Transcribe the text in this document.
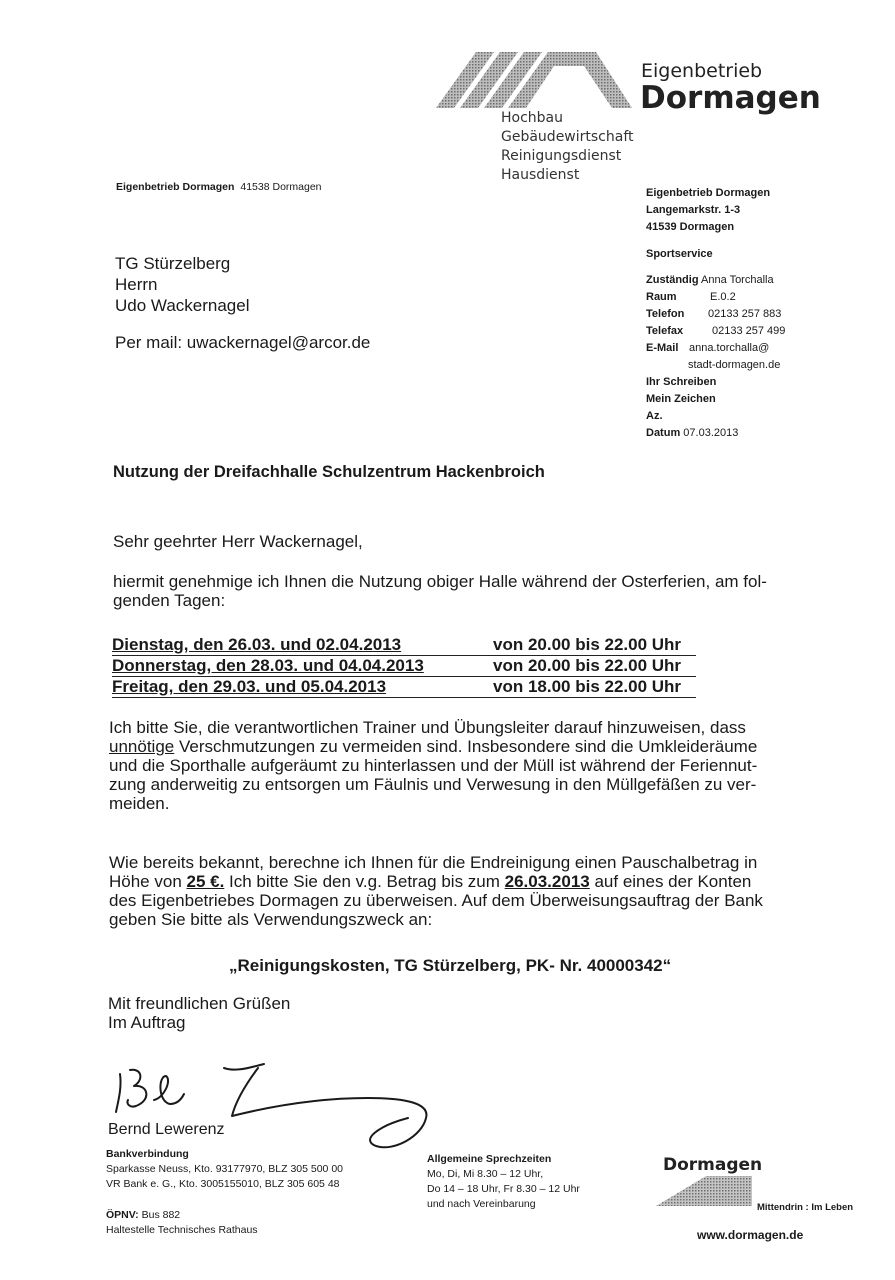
Eigenbetrieb
Dormagen
Hochbau
Gebäudewirtschaft
Reinigungsdienst
Hausdienst
Eigenbetrieb Dormagen 41538 Dormagen	Eigenbetrieb Dormagen
Langemarkstr. 1-3
41539 Dormagen
Sportservice
Zuständig Anna Torchalla
Raum	E.0.2
Telefon 02133 257 883
Telefax	02133 257 499
E-Mail anna.torchalla@
stadt-dormagen.de
Ihr Schreiben
Mein Zeichen
Az.
Datum 07.03.2013
TG Stürzelberg
Herrn
Udo Wackernagel
Per mail: uwackernagel@arcor.de
Nutzung der Dreifachhalle Schulzentrum Hackenbroich
Sehr geehrter Herr Wackernagel,
hiermit genehmige ich Ihnen die Nutzung obiger Halle während der Osterferien, am fol-
genden Tagen:
Dienstag, den 26.03. und 02.04.2013	von 20.00 bis 22.00 Uhr
Donnerstag, den 28.03. und 04.04.2013	von 20.00 bis 22.00 Uhr
Freitag, den 29.03. und 05.04.2013	von 18.00 bis 22.00 Uhr
Ich bitte Sie, die verantwortlichen Trainer und Übungsleiter darauf hinzuweisen, dass
unnötige Verschmutzungen zu vermeiden sind. Insbesondere sind die Umkleideräume
und die Sporthalle aufgeräumt zu hinterlassen und der Müll ist während der Feriennut-
zung anderweitig zu entsorgen um Fäulnis und Verwesung in den Müllgefäßen zu ver-
meiden.
Wie bereits bekannt, berechne ich Ihnen für die Endreinigung einen Pauschalbetrag in
Höhe von 25 €. Ich bitte Sie den v.g. Betrag bis zum 26.03.2013 auf eines der Konten
des Eigenbetriebes Dormagen zu überweisen. Auf dem Überweisungsauftrag der Bank
geben Sie bitte als Verwendungszweck an:
„Reinigungskosten, TG Stürzelberg, PK- Nr. 40000342“
Mit freundlichen Grüßen
Im Auftrag
Bernd Lewerenz
Bankverbindung
Sparkasse Neuss, Kto. 93177970, BLZ 305 500 00
VR Bank e. G., Kto. 3005155010, BLZ 305 605 48
ÖPNV: Bus 882
Haltestelle Technisches Rathaus
Allgemeine Sprechzeiten
Mo, Di, Mi 8.30 – 12 Uhr,
Do 14 – 18 Uhr, Fr 8.30 – 12 Uhr
und nach Vereinbarung
Dormagen
Mittendrin : Im Leben
www.dormagen.de
